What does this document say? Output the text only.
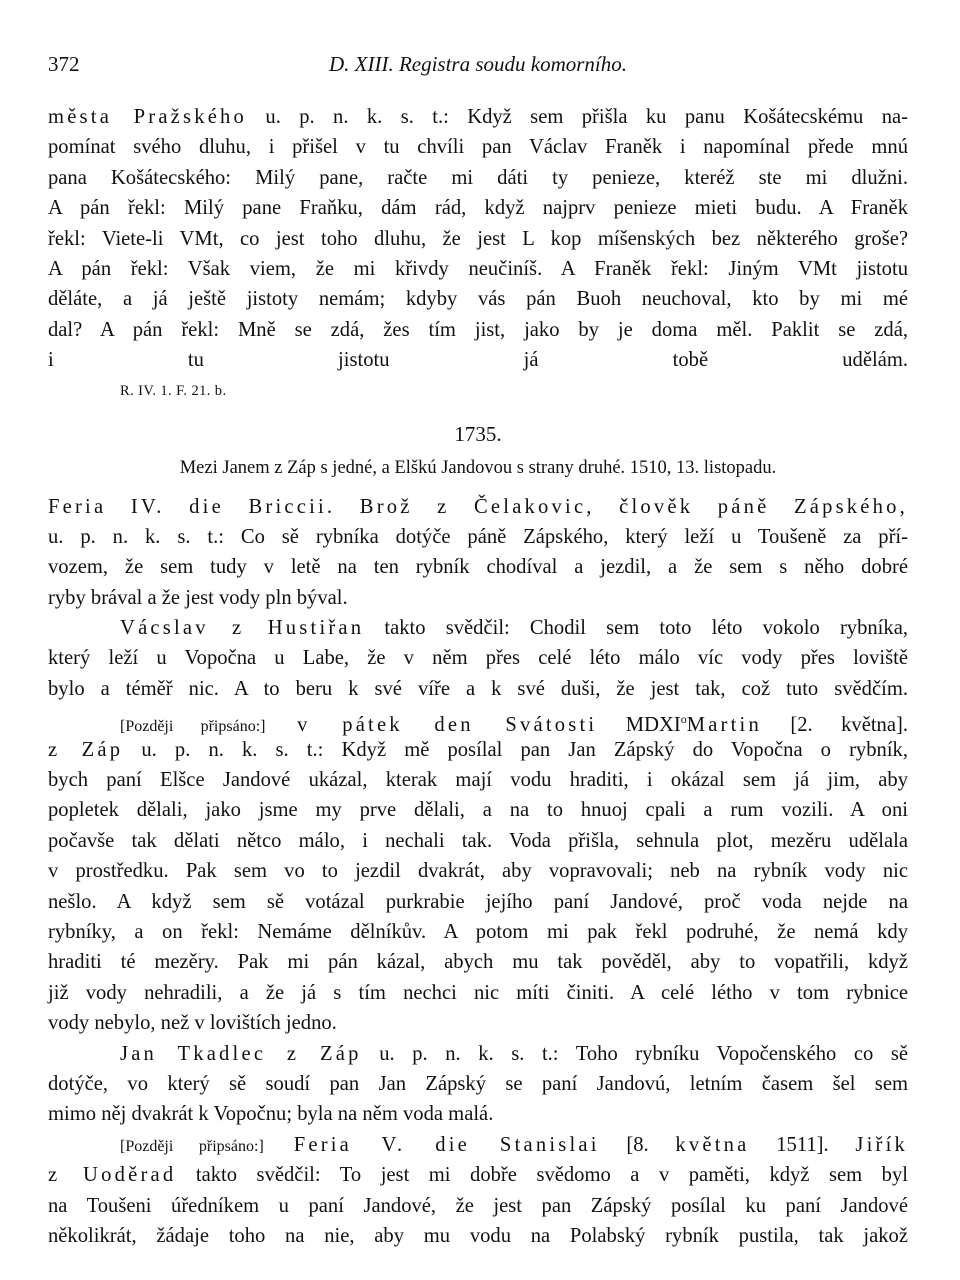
372	D. XIII. Registra soudu komorního.
města Pražského u. p. n. k. s. t.: Když sem přišla ku panu Košátecskému na-
pomínat svého dluhu, i přišel v tu chvíli pan Václav Franěk i napomínal přede mnú
pana Košátecského: Milý pane, račte mi dáti ty penieze, kteréž ste mi dlužni.
A pán řekl: Milý pane Fraňku, dám rád, když najprv penieze mieti budu. A Franěk
řekl: Viete-li VMt, co jest toho dluhu, že jest L kop míšenských bez některého groše?
A pán řekl: Však viem, že mi křivdy neučiníš. A Franěk řekl: Jiným VMt jistotu
děláte, a já ještě jistoty nemám; kdyby vás pán Buoh neuchoval, kto by mi mé
dal? A pán řekl: Mně se zdá, žes tím jist, jako by je doma měl. Paklit se zdá,
i tu jistotu já tobě udělám.
R. IV. 1. F. 21. b.
1735.
Mezi Janem z Záp s jedné, a Elškú Jandovou s strany druhé. 1510, 13. listopadu.
Feria IV. die Briccii. Brož z Čelakovic, člověk páně Zápského,
u. p. n. k. s. t.: Co sě rybníka dotýče páně Zápského, který leží u Toušeně za pří-
vozem, že sem tudy v letě na ten rybník chodíval a jezdil, a že sem s něho dobré
ryby brával a že jest vody pln býval.
Vácslav z Hustiřan takto svědčil: Chodil sem toto léto vokolo rybníka,
který leží u Vopočna u Labe, že v něm přes celé léto málo víc vody přes loviště
bylo a téměř nic. A to beru k své víře a k své duši, že jest tak, což tuto svědčím.
[Později připsáno:] v pátek den Svátosti MDXI$^o$Martin [2. května].
z Záp u. p. n. k. s. t.: Když mě posílal pan Jan Zápský do Vopočna o rybník,
bych paní Elšce Jandové ukázal, kterak mají vodu hraditi, i okázal sem já jim, aby
popletek dělali, jako jsme my prve dělali, a na to hnuoj cpali a rum vozili. A oni
počavše tak dělati nětco málo, i nechali tak. Voda přišla, sehnula plot, mezěru udělala
v prostředku. Pak sem vo to jezdil dvakrát, aby vopravovali; neb na rybník vody nic
nešlo. A když sem sě votázal purkrabie jejího paní Jandové, proč voda nejde na
rybníky, a on řekl: Nemáme dělníkův. A potom mi pak řekl podruhé, že nemá kdy
hraditi té mezěry. Pak mi pán kázal, abych mu tak pověděl, aby to vopatřili, když
již vody nehradili, a že já s tím nechci nic míti činiti. A celé létho v tom rybnice
vody nebylo, než v lovištích jedno.
Jan Tkadlec z Záp u. p. n. k. s. t.: Toho rybníku Vopočenského co sě
dotýče, vo který sě soudí pan Jan Zápský se paní Jandovú, letním časem šel sem
mimo něj dvakrát k Vopočnu; byla na něm voda malá.
[Později připsáno:] Feria V. die Stanislai [8. května 1511]. Jiřík
z Uoděrad takto svědčil: To jest mi dobře svědomo a v paměti, když sem byl
na Toušeni úředníkem u paní Jandové, že jest pan Zápský posílal ku paní Jandové
několikrát, žádaje toho na nie, aby mu vodu na Polabský rybník pustila, tak jakož
